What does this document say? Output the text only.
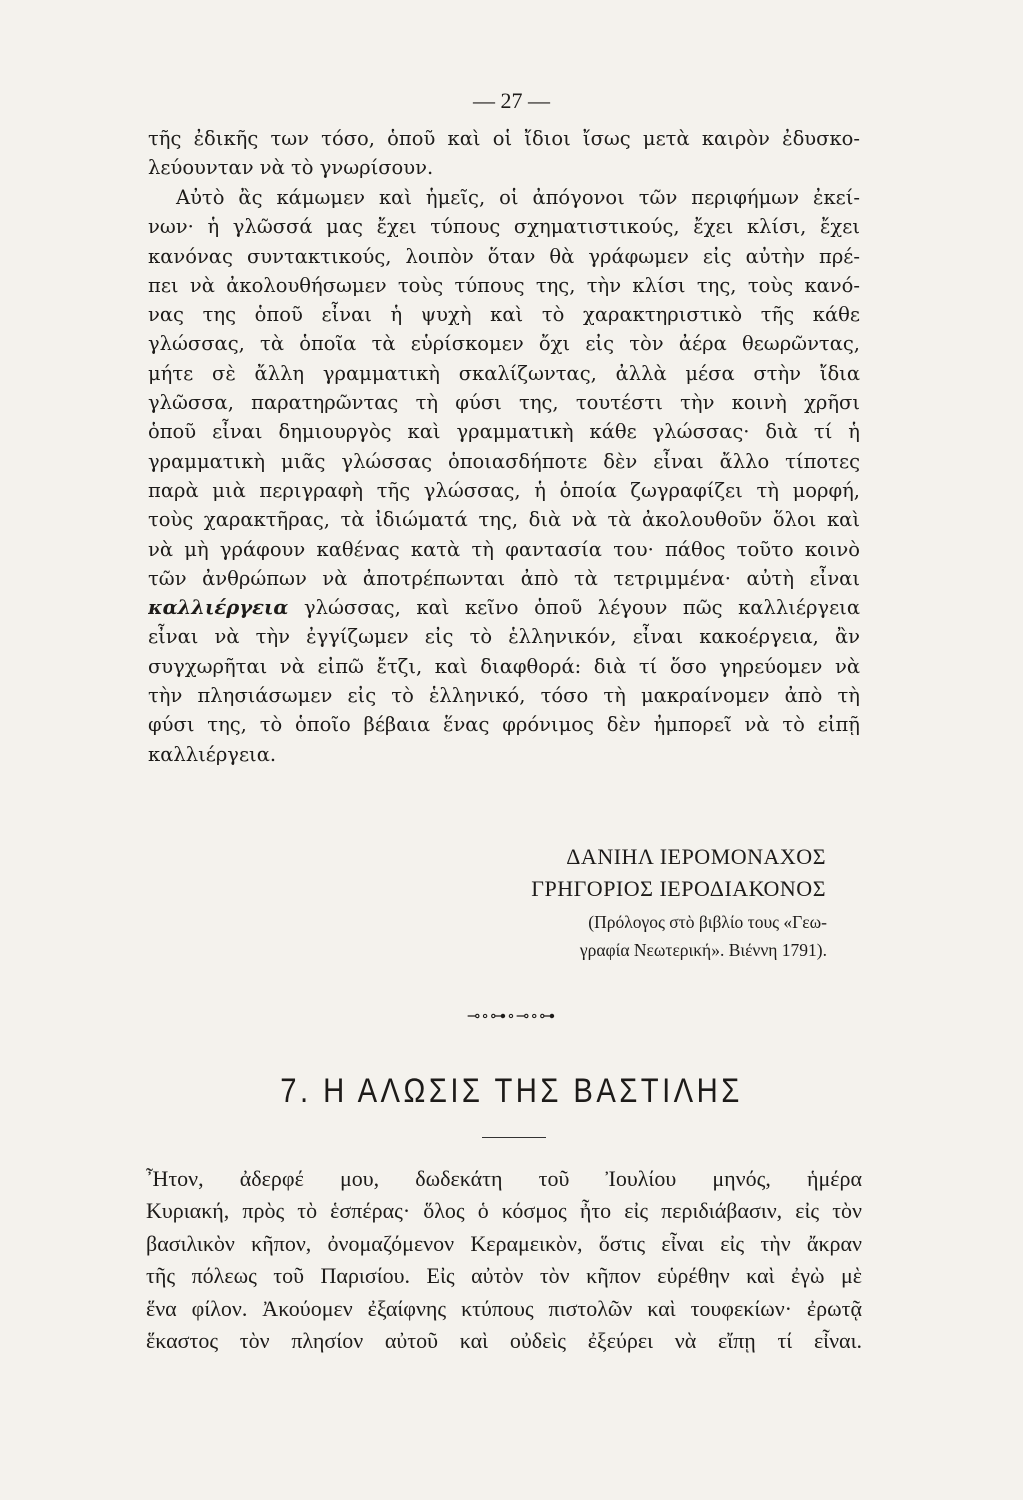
— 27 —
τῆς ἐδικῆς των τόσο, ὁποῦ καὶ οἱ ἴδιοι ἴσως μετὰ καιρὸν ἐδυσκο-
λεύουνταν νὰ τὸ γνωρίσουν.
Αὐτὸ ἂς κάμωμεν καὶ ἡμεῖς, οἱ ἀπόγονοι τῶν περιφήμων ἐκεί-
νων· ἡ γλῶσσά μας ἔχει τύπους σχηματιστικούς, ἔχει κλίσι, ἔχει
κανόνας συντακτικούς, λοιπὸν ὅταν θὰ γράφωμεν εἰς αὐτὴν πρέ-
πει νὰ ἀκολουθήσωμεν τοὺς τύπους της, τὴν κλίσι της, τοὺς κανό-
νας της ὁποῦ εἶναι ἡ ψυχὴ καὶ τὸ χαρακτηριστικὸ τῆς κάθε
γλώσσας, τὰ ὁποῖα τὰ εὑρίσκομεν ὄχι εἰς τὸν ἀέρα θεωρῶντας,
μήτε σὲ ἄλλη γραμματικὴ σκαλίζωντας, ἀλλὰ μέσα στὴν ἴδια
γλῶσσα, παρατηρῶντας τὴ φύσι της, τουτέστι τὴν κοινὴ χρῆσι
ὁποῦ εἶναι δημιουργὸς καὶ γραμματικὴ κάθε γλώσσας· διὰ τί ἡ
γραμματικὴ μιᾶς γλώσσας ὁποιασδήποτε δὲν εἶναι ἄλλο τίποτες
παρὰ μιὰ περιγραφὴ τῆς γλώσσας, ἡ ὁποία ζωγραφίζει τὴ μορφή,
τοὺς χαρακτῆρας, τὰ ἰδιώματά της, διὰ νὰ τὰ ἀκολουθοῦν ὅλοι καὶ
νὰ μὴ γράφουν καθένας κατὰ τὴ φαντασία του· πάθος τοῦτο κοινὸ
τῶν ἀνθρώπων νὰ ἀποτρέπωνται ἀπὸ τὰ τετριμμένα· αὐτὴ εἶναι
καλλιέργεια γλώσσας, καὶ κεῖνο ὁποῦ λέγουν πῶς καλλιέργεια
εἶναι νὰ τὴν ἐγγίζωμεν εἰς τὸ ἑλληνικόν, εἶναι κακοέργεια, ἂν
συγχωρῆται νὰ εἰπῶ ἔτζι, καὶ διαφθορά: διὰ τί ὅσο γηρεύομεν νὰ
τὴν πλησιάσωμεν εἰς τὸ ἑλληνικό, τόσο τὴ μακραίνομεν ἀπὸ τὴ
φύσι της, τὸ ὁποῖο βέβαια ἕνας φρόνιμος δὲν ἠμπορεῖ νὰ τὸ εἰπῇ
καλλιέργεια.
ΔΑΝΙΗΛ ΙΕΡΟΜΟΝΑΧΟΣ
ΓΡΗΓΟΡΙΟΣ ΙΕΡΟΔΙΑΚΟΝΟΣ
(Πρόλογος στὸ βιβλίο τους «Γεω-
γραφία Νεωτερική». Βιέννη 1791).
⊸∘⊶∘⊸∘⊶
7. Η ΑΛΩΣΙΣ ΤΗΣ ΒΑΣΤΙΛΗΣ
Ἦτον, ἀδερφέ μου, δωδεκάτη τοῦ Ἰουλίου μηνός, ἡμέρα
Κυριακή, πρὸς τὸ ἑσπέρας· ὅλος ὁ κόσμος ἦτο εἰς περιδιάβασιν, εἰς τὸν
βασιλικὸν κῆπον, ὀνομαζόμενον Κεραμεικὸν, ὅστις εἶναι εἰς τὴν ἄκραν
τῆς πόλεως τοῦ Παρισίου. Εἰς αὐτὸν τὸν κῆπον εὑρέθην καὶ ἐγὼ μὲ
ἕνα φίλον. Ἀκούομεν ἐξαίφνης κτύπους πιστολῶν καὶ τουφεκίων· ἐρωτᾷ
ἕκαστος τὸν πλησίον αὐτοῦ καὶ οὐδεὶς ἐξεύρει νὰ εἴπῃ τί εἶναι.
